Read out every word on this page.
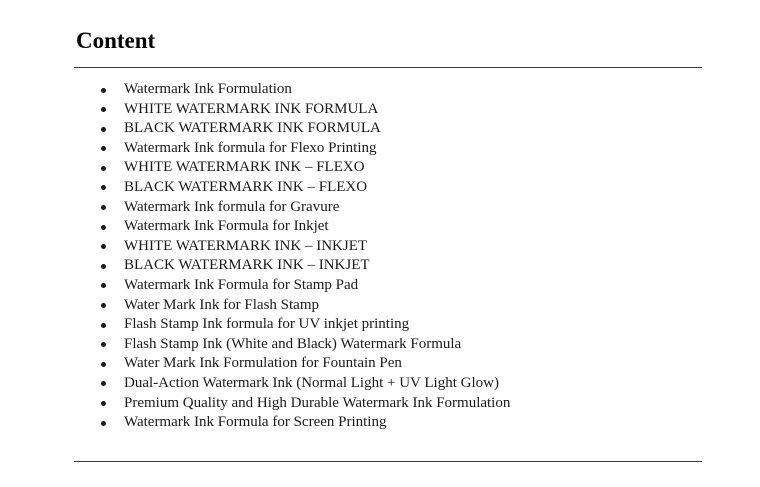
Content
Watermark Ink Formulation
WHITE WATERMARK INK FORMULA
BLACK WATERMARK INK FORMULA
Watermark Ink formula for Flexo Printing
WHITE WATERMARK INK – FLEXO
BLACK WATERMARK INK – FLEXO
Watermark Ink formula for Gravure
Watermark Ink Formula for Inkjet
WHITE WATERMARK INK – INKJET
BLACK WATERMARK INK – INKJET
Watermark Ink Formula for Stamp Pad
Water Mark Ink for Flash Stamp
Flash Stamp Ink formula for UV inkjet printing
Flash Stamp Ink (White and Black) Watermark Formula
Water Mark Ink Formulation for Fountain Pen
Dual-Action Watermark Ink (Normal Light + UV Light Glow)
Premium Quality and High Durable Watermark Ink Formulation
Watermark Ink Formula for Screen Printing
